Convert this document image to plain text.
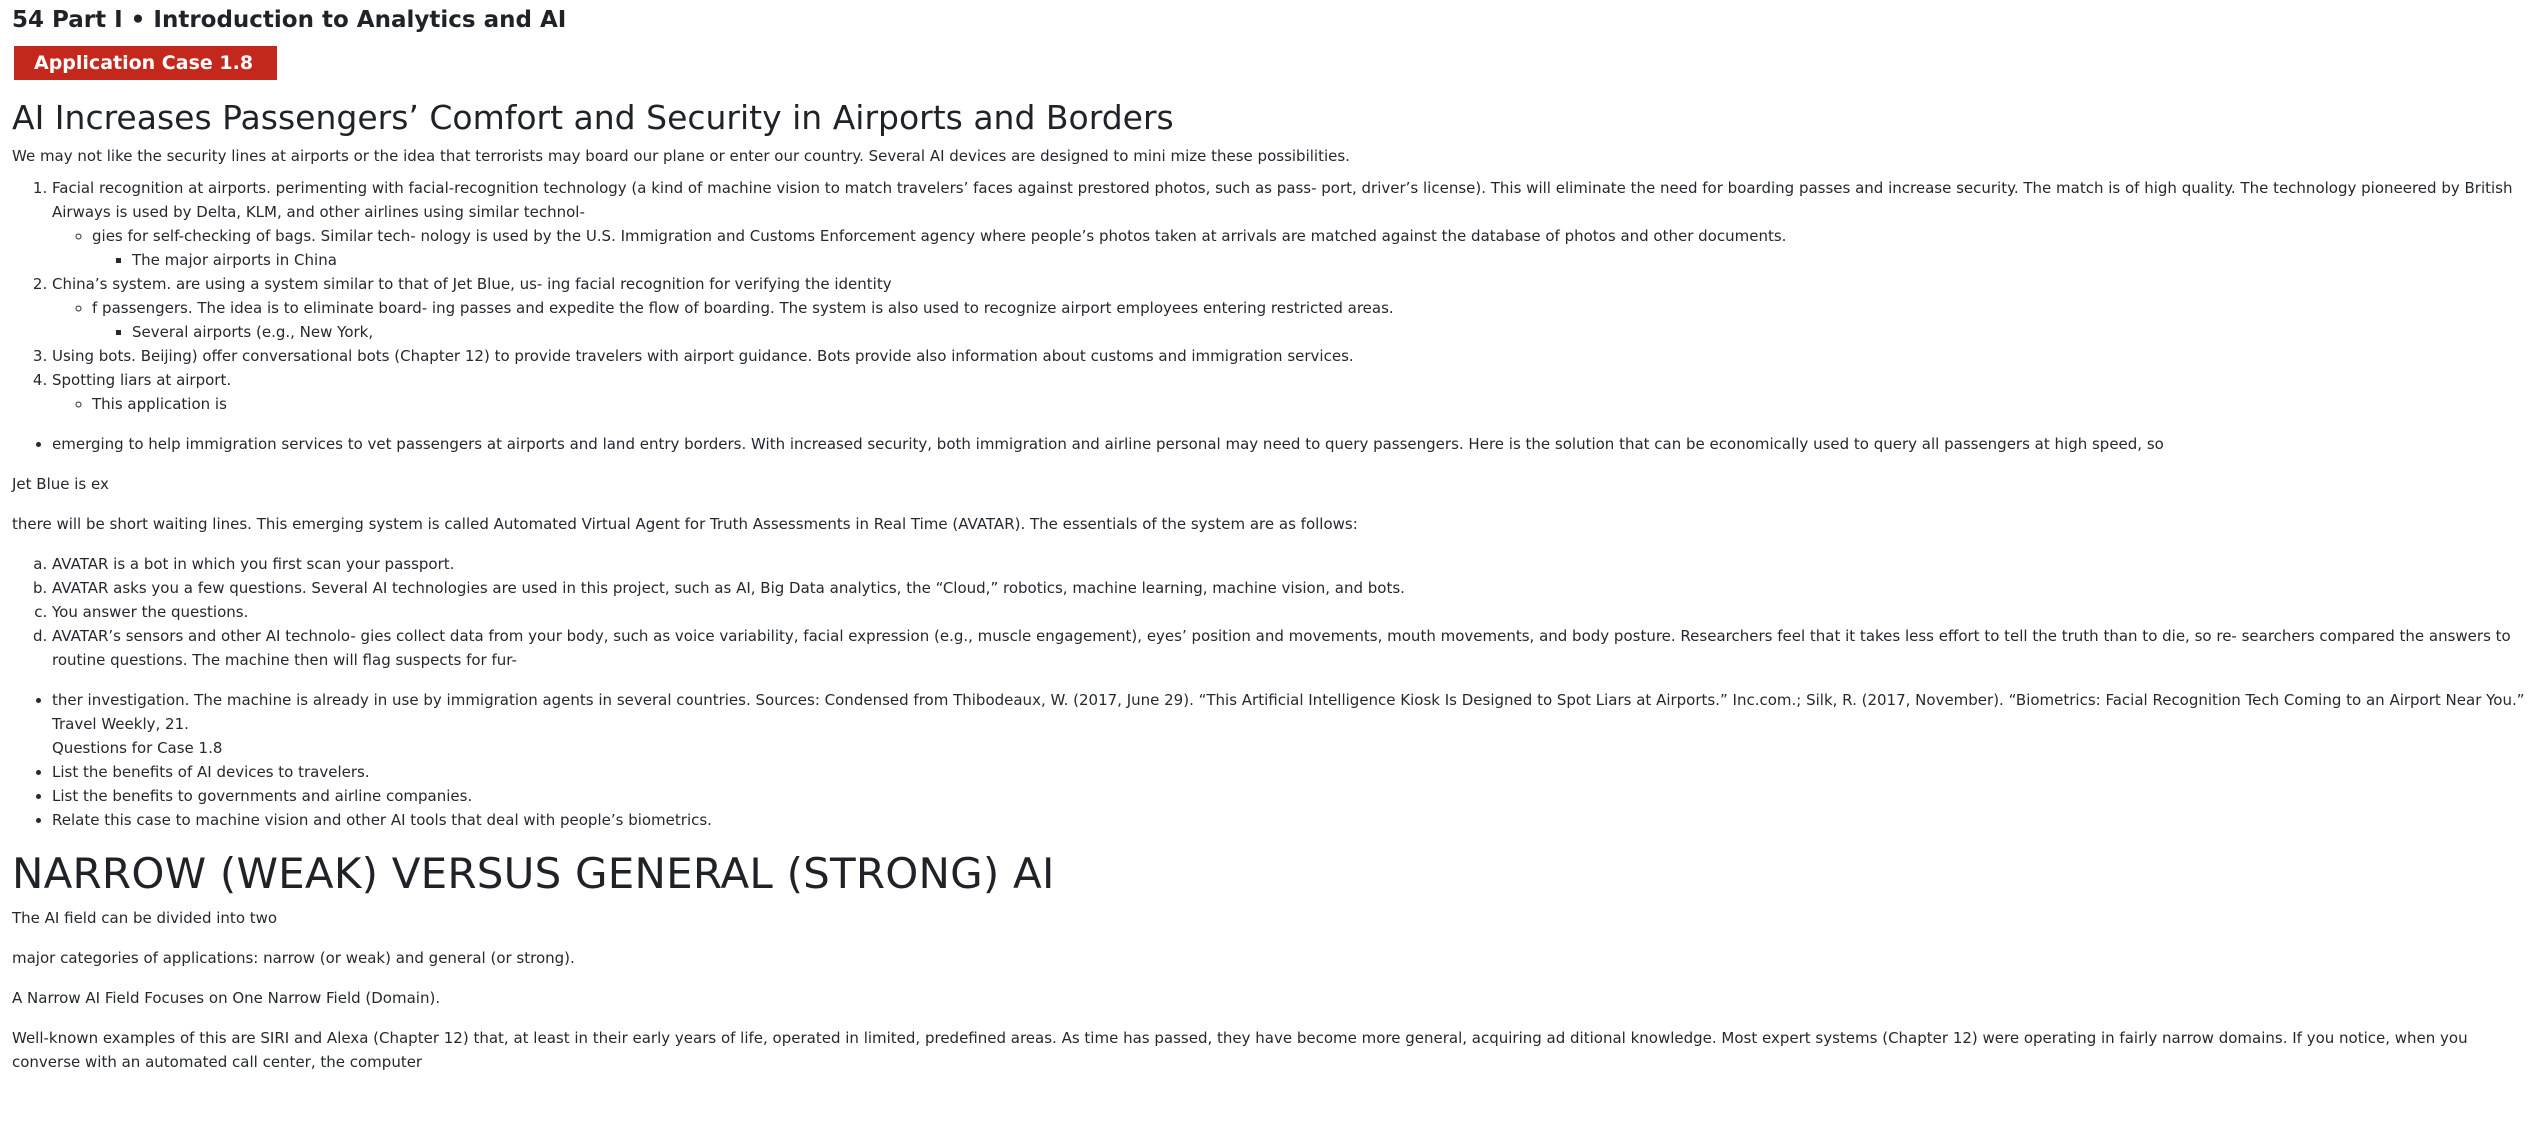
54 Part I • Introduction to Analytics and AI
Application Case 1.8
AI Increases Passengers’ Comfort and Security in Airports and Borders

We may not like the security lines at airports or the idea that terrorists may board our plane or enter our country. Several AI devices are designed to mini mize these possibilities.

1. Facial recognition at airports. perimenting with facial-recognition technology (a kind of machine vision to match travelers’ faces against prestored photos, such as pass- port, driver’s license). This will eliminate the need for boarding passes and increase security. The match is of high quality. The technology pioneered by British Airways is used by Delta, KLM, and other airlines using similar technol-
◦ gies for self-checking of bags. Similar tech- nology is used by the U.S. Immigration and Customs Enforcement agency where people’s photos taken at arrivals are matched against the database of photos and other documents.
▪ The major airports in China
2. China’s system. are using a system similar to that of Jet Blue, us- ing facial recognition for verifying the identity
◦ f passengers. The idea is to eliminate board- ing passes and expedite the flow of boarding. The system is also used to recognize airport employees entering restricted areas.
▪ Several airports (e.g., New York,
3. Using bots. Beijing) offer conversational bots (Chapter 12) to provide travelers with airport guidance. Bots provide also information about customs and immigration services.
4. Spotting liars at airport.
◦ This application is
• emerging to help immigration services to vet passengers at airports and land entry borders. With increased security, both immigration and airline personal may need to query passengers. Here is the solution that can be economically used to query all passengers at high speed, so

Jet Blue is ex

there will be short waiting lines. This emerging system is called Automated Virtual Agent for Truth Assessments in Real Time (AVATAR). The essentials of the system are as follows:

a. AVATAR is a bot in which you first scan your passport.
b. AVATAR asks you a few questions. Several AI technologies are used in this project, such as AI, Big Data analytics, the “Cloud,” robotics, machine learning, machine vision, and bots.
c. You answer the questions.
d. AVATAR’s sensors and other AI technolo- gies collect data from your body, such as voice variability, facial expression (e.g., muscle engagement), eyes’ position and movements, mouth movements, and body posture. Researchers feel that it takes less effort to tell the truth than to die, so re- searchers compared the answers to routine questions. The machine then will flag suspects for fur-
• ther investigation. The machine is already in use by immigration agents in several countries. Sources: Condensed from Thibodeaux, W. (2017, June 29). “This Artificial Intelligence Kiosk Is Designed to Spot Liars at Airports.” Inc.com.; Silk, R. (2017, November). “Biometrics: Facial Recognition Tech Coming to an Airport Near You.” Travel Weekly, 21.
Questions for Case 1.8
• List the benefits of AI devices to travelers.
• List the benefits to governments and airline companies.
• Relate this case to machine vision and other AI tools that deal with people’s biometrics.
NARROW (WEAK) VERSUS GENERAL (STRONG) AI

The AI field can be divided into two

major categories of applications: narrow (or weak) and general (or strong).

A Narrow AI Field Focuses on One Narrow Field (Domain).

Well-known examples of this are SIRI and Alexa (Chapter 12) that, at least in their early years of life, operated in limited, predefined areas. As time has passed, they have become more general, acquiring ad ditional knowledge. Most expert systems (Chapter 12) were operating in fairly narrow domains. If you notice, when you converse with an automated call center, the computer
